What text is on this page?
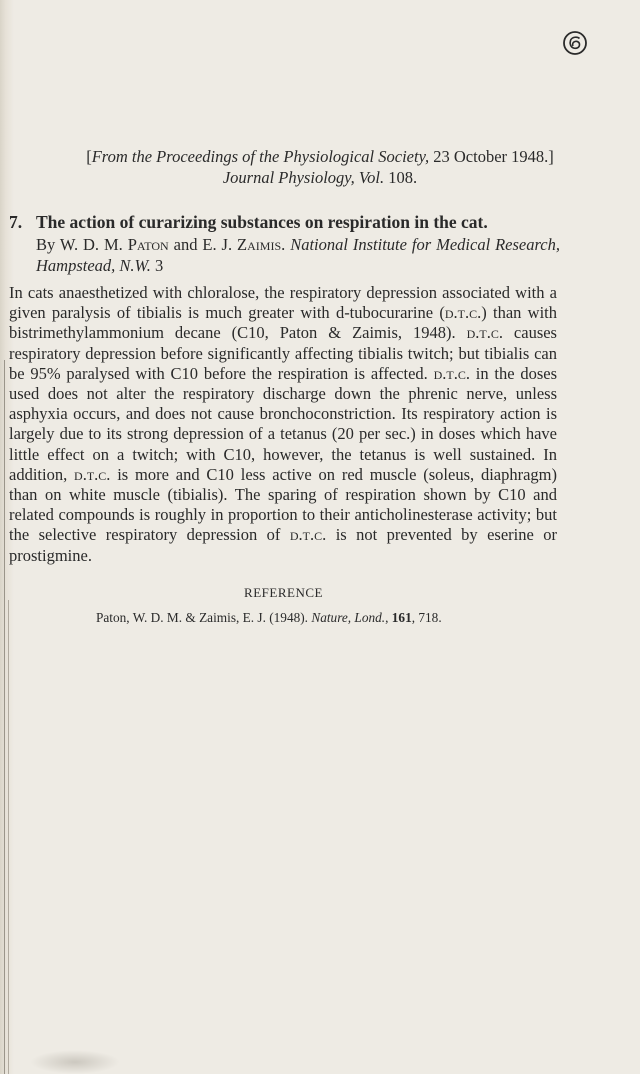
[From the Proceedings of the Physiological Society, 23 October 1948.]
Journal Physiology, Vol. 108.
7. The action of curarizing substances on respiration in the cat.
By W. D. M. Paton and E. J. Zaimis. National Institute for Medical Research, Hampstead, N.W. 3
In cats anaesthetized with chloralose, the respiratory depression associated with a given paralysis of tibialis is much greater with d-tubocurarine (d.t.c.) than with bistrimethylammonium decane (C10, Paton & Zaimis, 1948). d.t.c. causes respiratory depression before significantly affecting tibialis twitch; but tibialis can be 95% paralysed with C10 before the respiration is affected. d.t.c. in the doses used does not alter the respiratory discharge down the phrenic nerve, unless asphyxia occurs, and does not cause bronchoconstriction. Its respiratory action is largely due to its strong depression of a tetanus (20 per sec.) in doses which have little effect on a twitch; with C10, however, the tetanus is well sustained. In addition, d.t.c. is more and C10 less active on red muscle (soleus, diaphragm) than on white muscle (tibialis). The sparing of respiration shown by C10 and related compounds is roughly in proportion to their anticholinesterase activity; but the selective respiratory depression of d.t.c. is not prevented by eserine or prostigmine.
REFERENCE
Paton, W. D. M. & Zaimis, E. J. (1948). Nature, Lond., 161, 718.
